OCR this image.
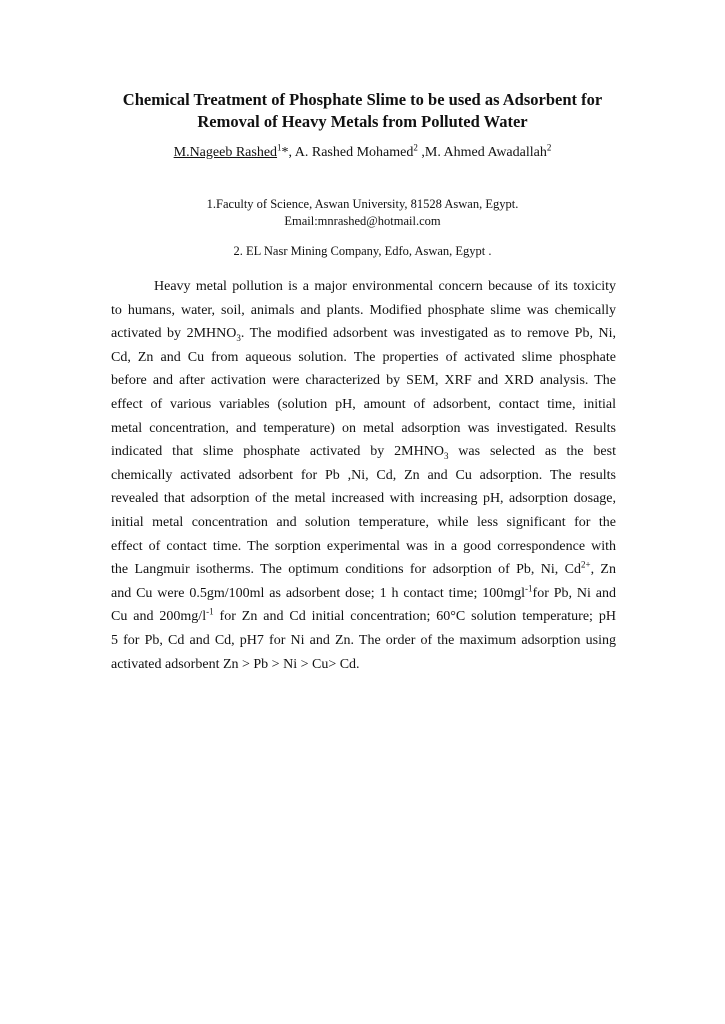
Chemical Treatment of Phosphate Slime to be used as Adsorbent for
Removal of Heavy Metals from Polluted Water
M.Nageeb Rashed$^1$*, A. Rashed Mohamed$^2$ ,M. Ahmed Awadallah$^2$
1.Faculty of Science, Aswan University, 81528 Aswan, Egypt.
Email:mnrashed@hotmail.com
2. EL Nasr Mining Company, Edfo, Aswan, Egypt .
Heavy metal pollution is a major environmental concern because of its toxicity
to humans, water, soil, animals and plants. Modified phosphate slime was chemically
activated by $2MHNO_3$. The modified adsorbent was investigated as to remove Pb, Ni,
Cd, Zn and Cu from aqueous solution. The properties of activated slime phosphate
before and after activation were characterized by SEM, XRF and XRD analysis. The
effect of various variables (solution pH, amount of adsorbent, contact time, initial
metal concentration, and temperature) on metal adsorption was investigated. Results
indicated that slime phosphate activated by $2MHNO_3$ was selected as the best
chemically activated adsorbent for Pb ,Ni, Cd, Zn and Cu adsorption. The results
revealed that adsorption of the metal increased with increasing pH, adsorption dosage,
initial metal concentration and solution temperature, while less significant for the
effect of contact time. The sorption experimental was in a good correspondence with
the Langmuir isotherms. The optimum conditions for adsorption of Pb, Ni, $Cd^{2+}$, Zn
and Cu were 0.5gm/100ml as adsorbent dose; 1 h contact time; 100mgl$^{-1}$for Pb, Ni and
Cu and $200mg/l^{-1}$ for Zn and Cd initial concentration; 60°C solution temperature; pH
5 for Pb, Cd and Cd, pH7 for Ni and Zn. The order of the maximum adsorption using
activated adsorbent Zn > Pb > Ni > Cu> Cd.
